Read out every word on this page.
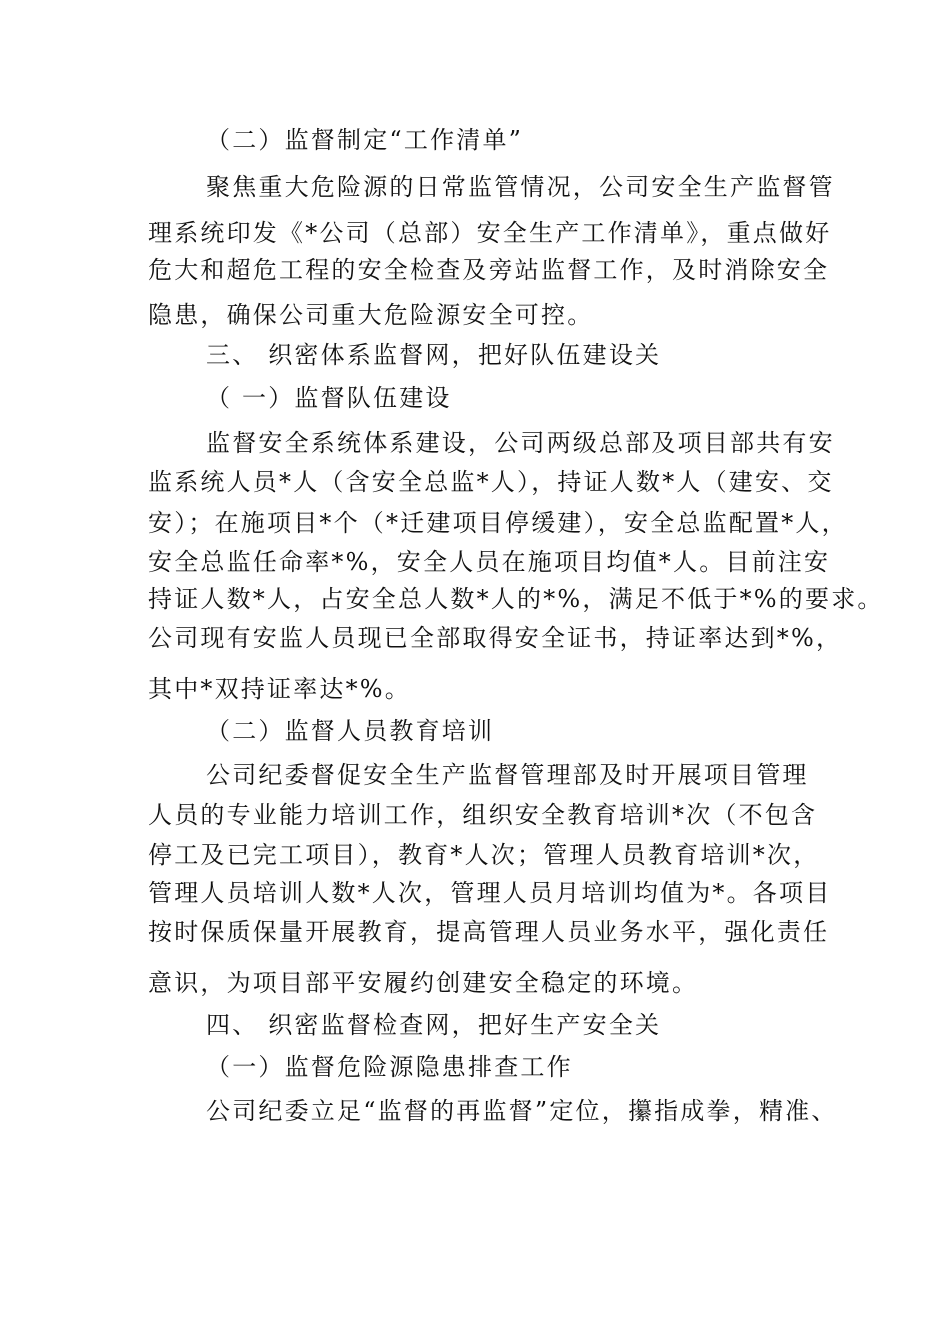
（二）监督制定“工作清单”
聚焦重大危险源的日常监管情况，公司安全生产监督管
理系统印发《*公司（总部）安全生产工作清单》，重点做好
危大和超危工程的安全检查及旁站监督工作，及时消除安全
隐患，确保公司重大危险源安全可控。
三、 织密体系监督网，把好队伍建设关
（ 一）监督队伍建设
监督安全系统体系建设，公司两级总部及项目部共有安
监系统人员*人（含安全总监*人），持证人数*人（建安、交
安）；在施项目*个（*迁建项目停缓建），安全总监配置*人，
安全总监任命率*%，安全人员在施项目均值*人。目前注安
持证人数*人，占安全总人数*人的*%，满足不低于*%的要求。
公司现有安监人员现已全部取得安全证书，持证率达到*%，
其中*双持证率达*%。
（二）监督人员教育培训
公司纪委督促安全生产监督管理部及时开展项目管理
人员的专业能力培训工作，组织安全教育培训*次（不包含
停工及已完工项目），教育*人次；管理人员教育培训*次，
管理人员培训人数*人次，管理人员月培训均值为*。各项目
按时保质保量开展教育，提高管理人员业务水平，强化责任
意识，为项目部平安履约创建安全稳定的环境。
四、 织密监督检查网，把好生产安全关
（一）监督危险源隐患排查工作
公司纪委立足“监督的再监督”定位，攥指成拳，精准、
